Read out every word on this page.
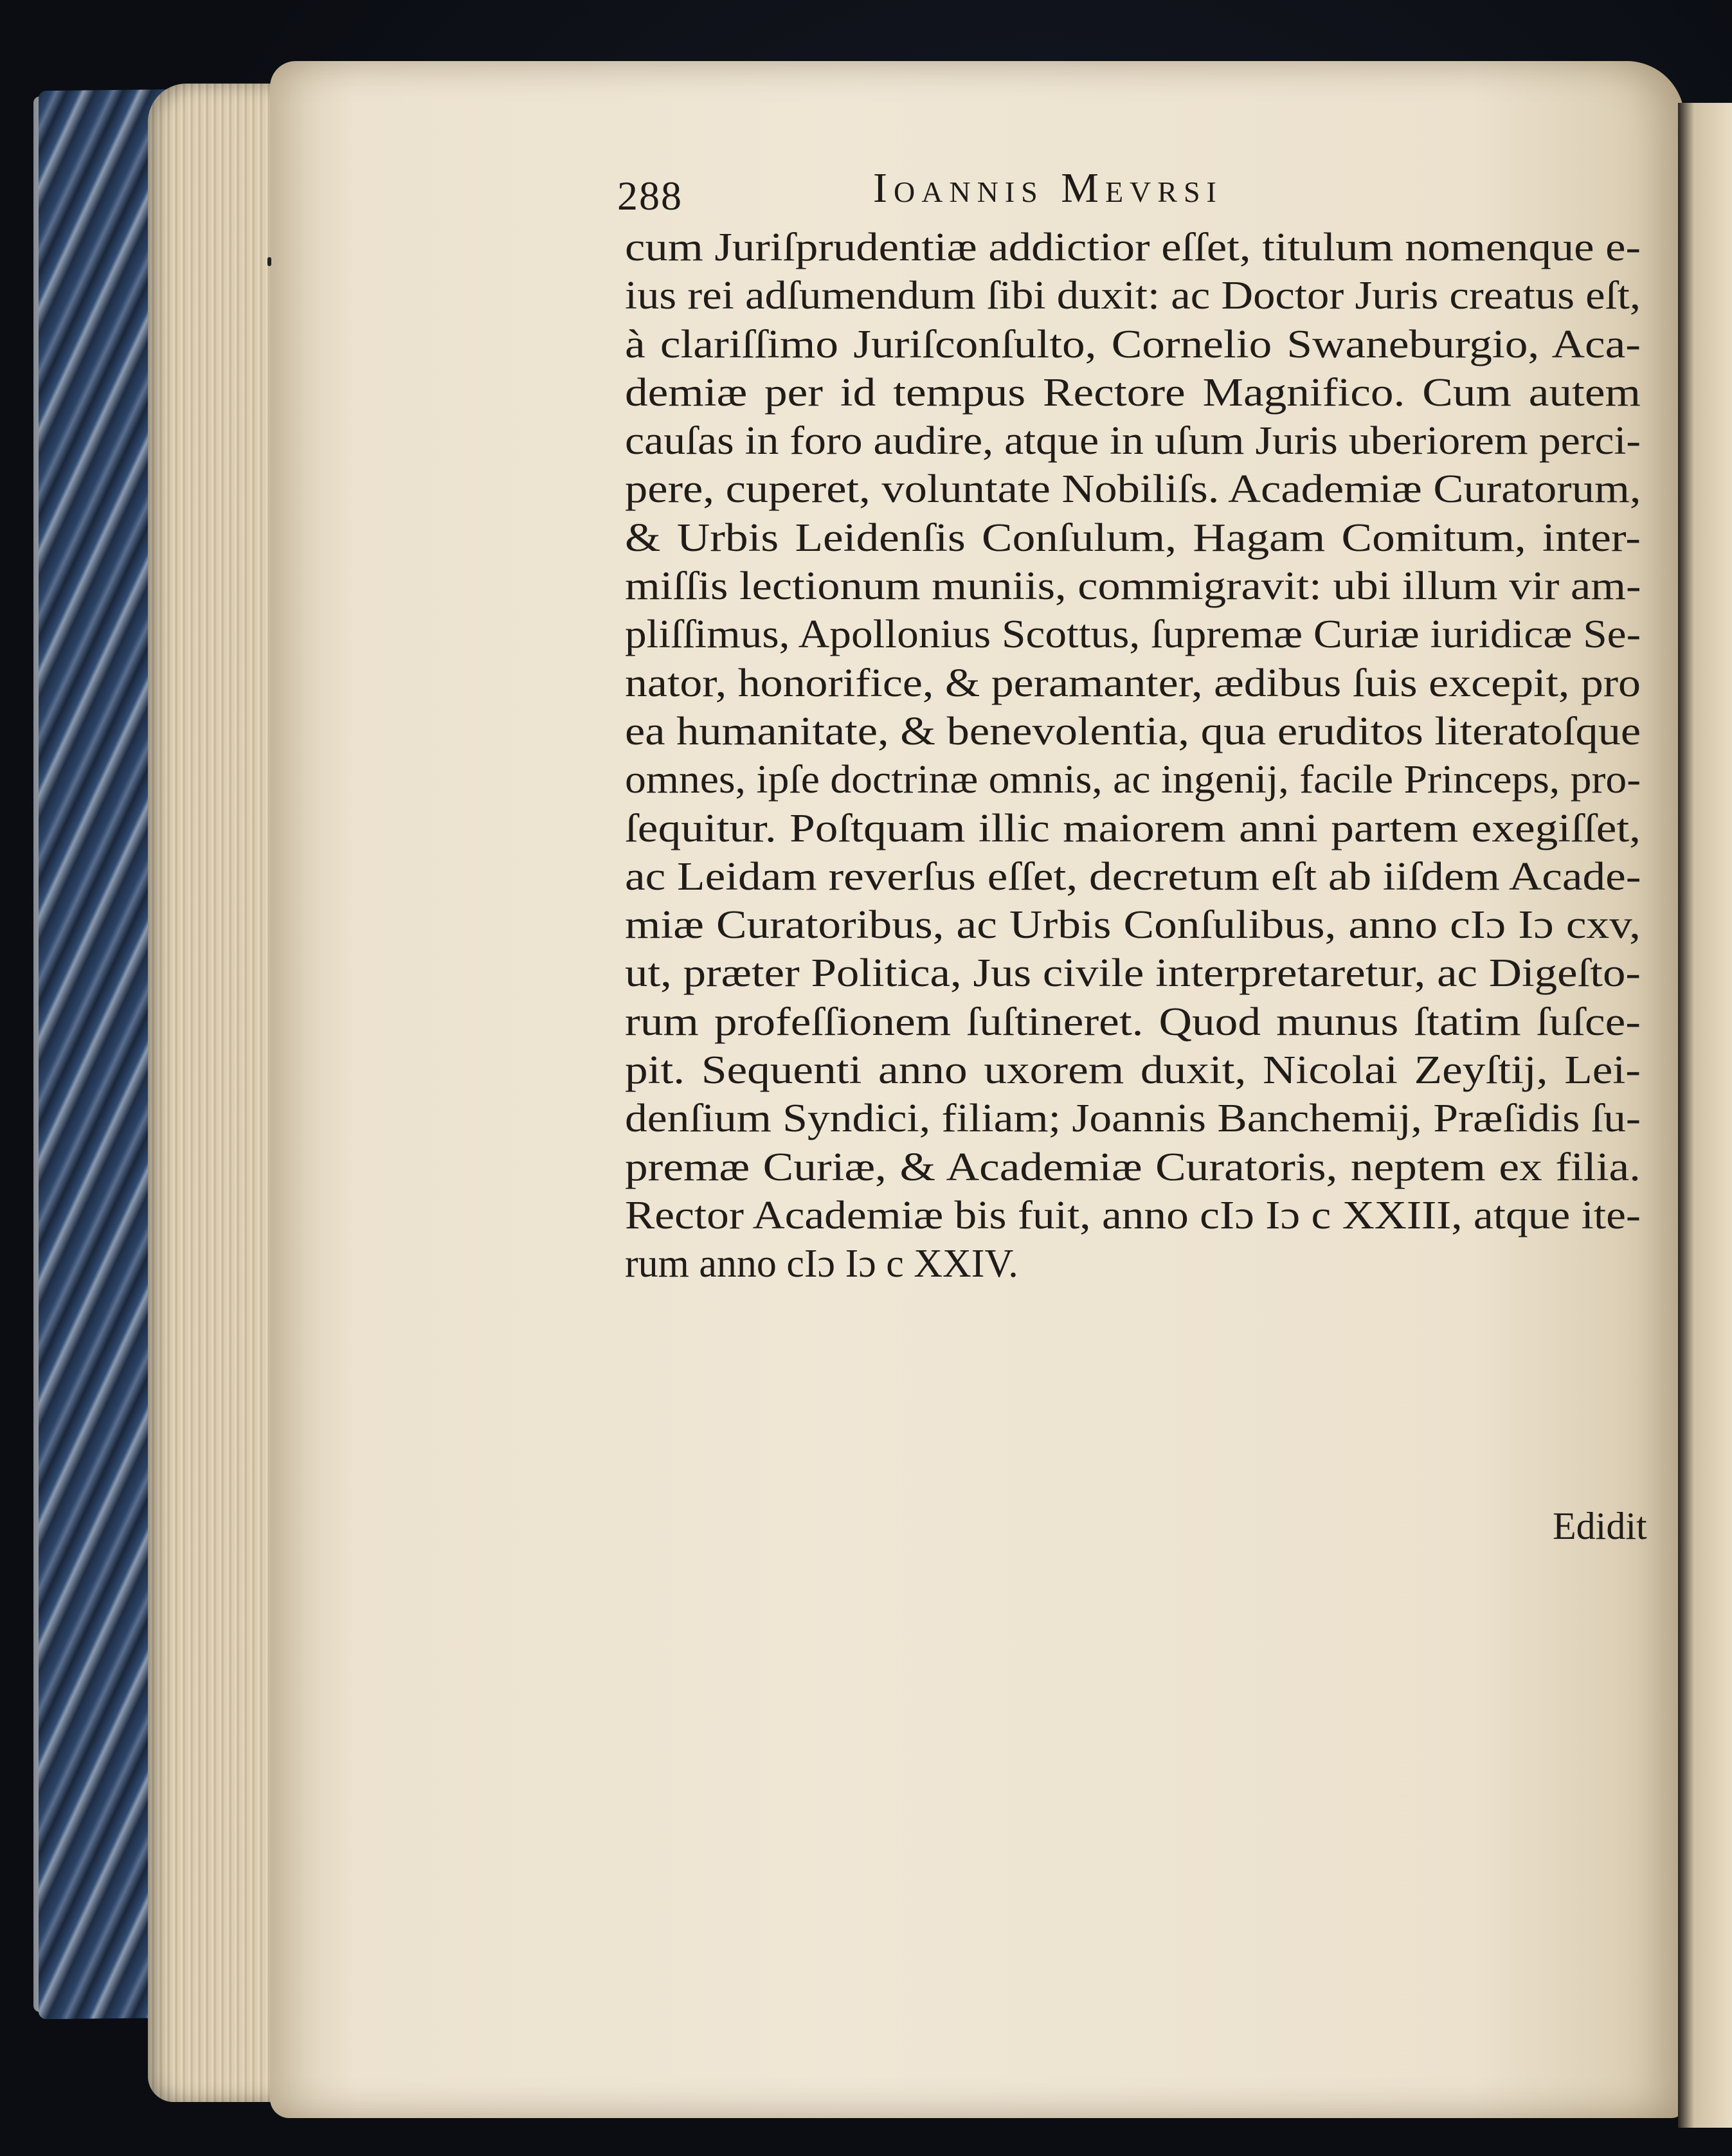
288	Ioannis Mevrsi
cum Juriſprudentiæ addictior eſſet, titulum nomenque e-
ius rei adſumendum ſibi duxit: ac Doctor Juris creatus eſt,
à clariſſimo Juriſconſulto, Cornelio Swaneburgio, Aca-
demiæ per id tempus Rectore Magnifico. Cum autem
cauſas in foro audire, atque in uſum Juris uberiorem perci-
pere, cuperet, voluntate Nobiliſs. Academiæ Curatorum,
& Urbis Leidenſis Conſulum, Hagam Comitum, inter-
miſſis lectionum muniis, commigravit: ubi illum vir am-
pliſſimus, Apollonius Scottus, ſupremæ Curiæ iuridicæ Se-
nator, honorifice, & peramanter, ædibus ſuis excepit, pro
ea humanitate, & benevolentia, qua eruditos literatoſque
omnes, ipſe doctrinæ omnis, ac ingenij, facile Princeps, pro-
ſequitur. Poſtquam illic maiorem anni partem exegiſſet,
ac Leidam reverſus eſſet, decretum eſt ab iiſdem Acade-
miæ Curatoribus, ac Urbis Conſulibus, anno cIɔ Iɔ cxv,
ut, præter Politica, Jus civile interpretaretur, ac Digeſto-
rum profeſſionem ſuſtineret. Quod munus ſtatim ſuſce-
pit. Sequenti anno uxorem duxit, Nicolai Zeyſtij, Lei-
denſium Syndici, filiam; Joannis Banchemij, Præſidis ſu-
premæ Curiæ, & Academiæ Curatoris, neptem ex filia.
Rector Academiæ bis fuit, anno cIɔ Iɔ c XXIII, atque ite-
rum anno cIɔ Iɔ c XXIV.
Edidit
